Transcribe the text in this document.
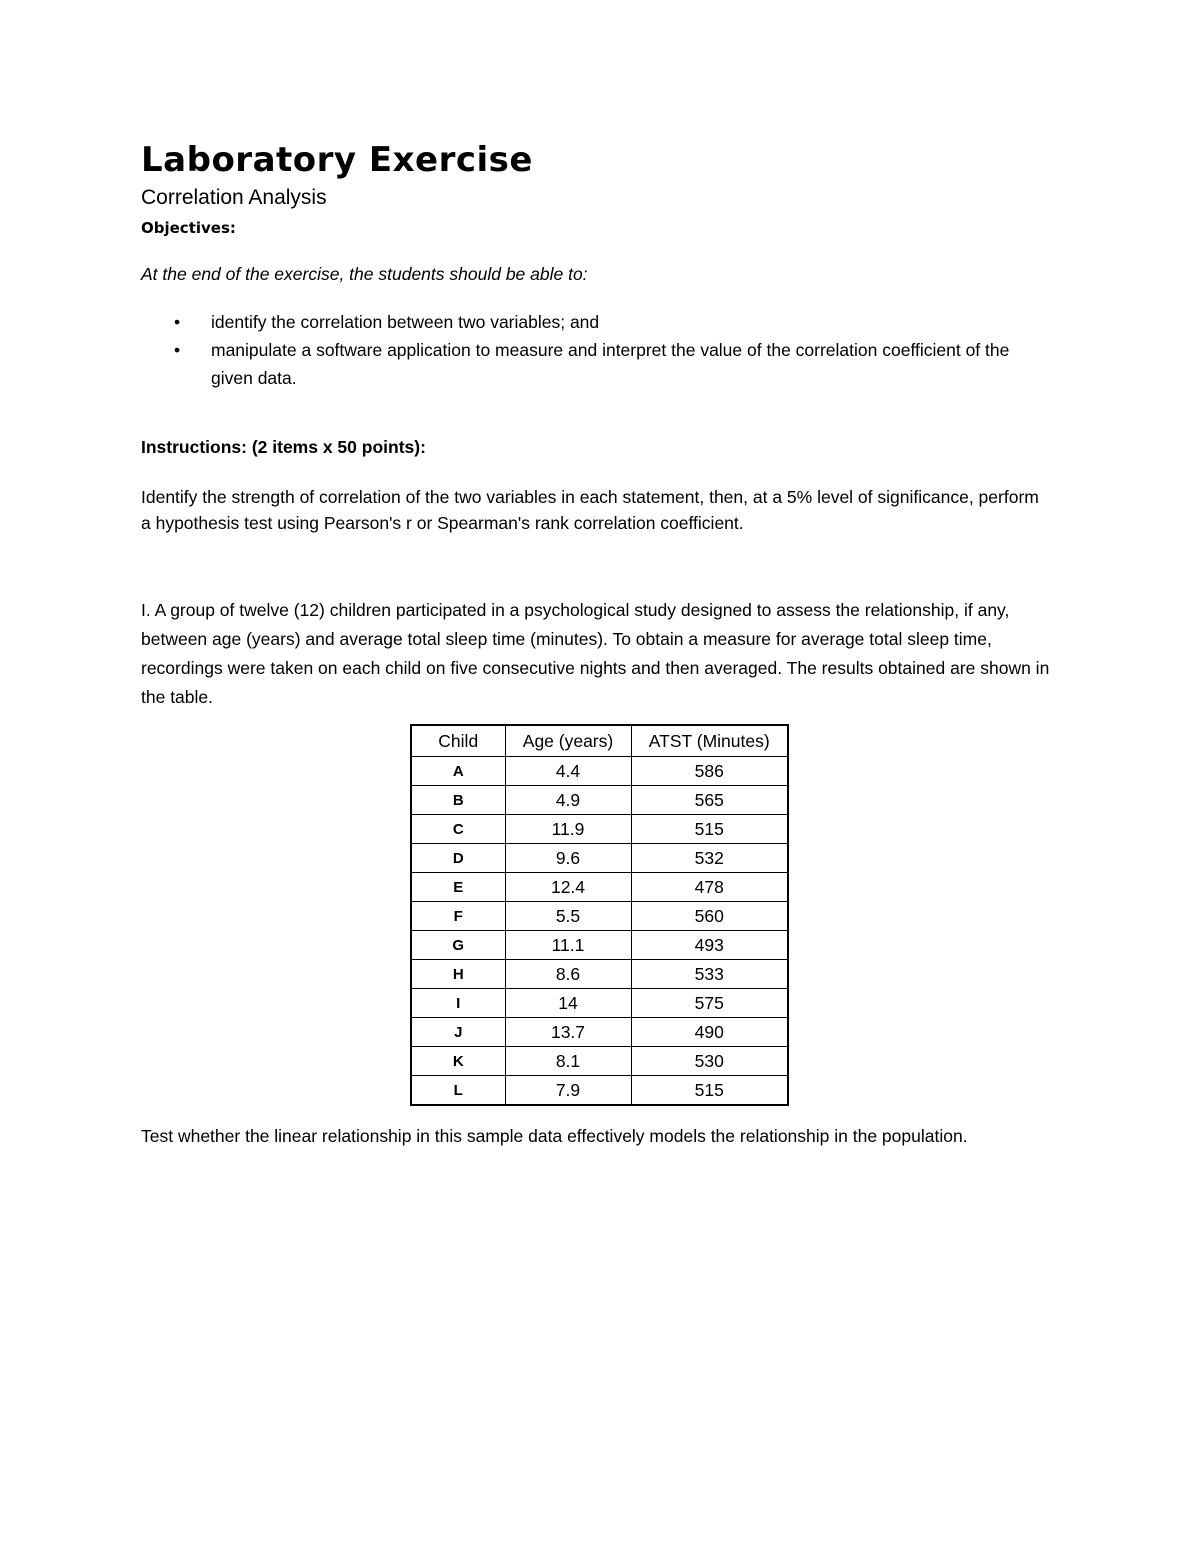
Laboratory Exercise
Correlation Analysis

Objectives:

At the end of the exercise, the students should be able to:

• identify the correlation between two variables; and
• manipulate a software application to measure and interpret the value of the correlation coefficient of the given data.

Instructions: (2 items x 50 points):

Identify the strength of correlation of the two variables in each statement, then, at a 5% level of significance, perform a hypothesis test using Pearson's r or Spearman's rank correlation coefficient.

I. A group of twelve (12) children participated in a psychological study designed to assess the relationship, if any, between age (years) and average total sleep time (minutes). To obtain a measure for average total sleep time, recordings were taken on each child on five consecutive nights and then averaged. The results obtained are shown in the table.

Child	Age (years)	ATST (Minutes)
A	4.4	586
B	4.9	565
C	11.9	515
D	9.6	532
E	12.4	478
F	5.5	560
G	11.1	493
H	8.6	533
I	14	575
J	13.7	490
K	8.1	530
L	7.9	515

Test whether the linear relationship in this sample data effectively models the relationship in the population.
